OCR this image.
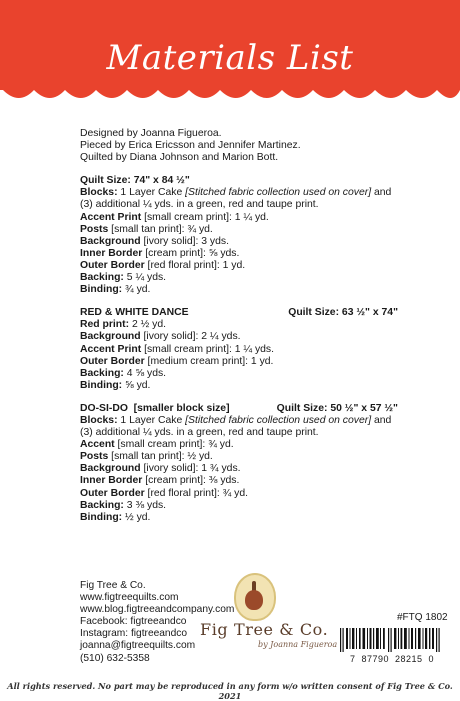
Materials List
Designed by Joanna Figueroa.
Pieced by Erica Ericsson and Jennifer Martinez.
Quilted by Diana Johnson and Marion Bott.
Quilt Size: 74" x 84 ½"
Blocks: 1 Layer Cake [Stitched fabric collection used on cover] and
(3) additional ¼ yds. in a green, red and taupe print.
Accent Print [small cream print]: 1 ¼ yd.
Posts [small tan print]: ¾ yd.
Background [ivory solid]: 3 yds.
Inner Border [cream print]: ⅝ yds.
Outer Border [red floral print]: 1 yd.
Backing: 5 ¼ yds.
Binding: ¾ yd.
RED & WHITE DANCE	Quilt Size: 63 ½" x 74"
Red print: 2 ½ yd.
Background [ivory solid]: 2 ¼ yds.
Accent Print [small cream print]: 1 ¼ yds.
Outer Border [medium cream print]: 1 yd.
Backing: 4 ⅝ yds.
Binding: ⅝ yd.
DO-SI-DO  [smaller block size]	Quilt Size: 50 ½" x 57 ½"
Blocks: 1 Layer Cake [Stitched fabric collection used on cover] and
(3) additional ¼ yds. in a green, red and taupe print.
Accent [small cream print]: ¾ yd.
Posts [small tan print]: ½ yd.
Background [ivory solid]: 1 ¾ yds.
Inner Border [cream print]: ⅜ yds.
Outer Border [red floral print]: ¾ yd.
Backing: 3 ⅜ yds.
Binding: ½ yd.
Fig Tree & Co.
www.figtreequilts.com
www.blog.figtreeandcompany.com
Facebook: figtreeandco
Instagram: figtreeandco
joanna@figtreequilts.com
(510) 632-5358
Fig Tree & Co.
by Joanna Figueroa
#FTQ 1802
7  87790  28215  0
All rights reserved. No part may be reproduced in any form w/o written consent of Fig Tree & Co. 2021
